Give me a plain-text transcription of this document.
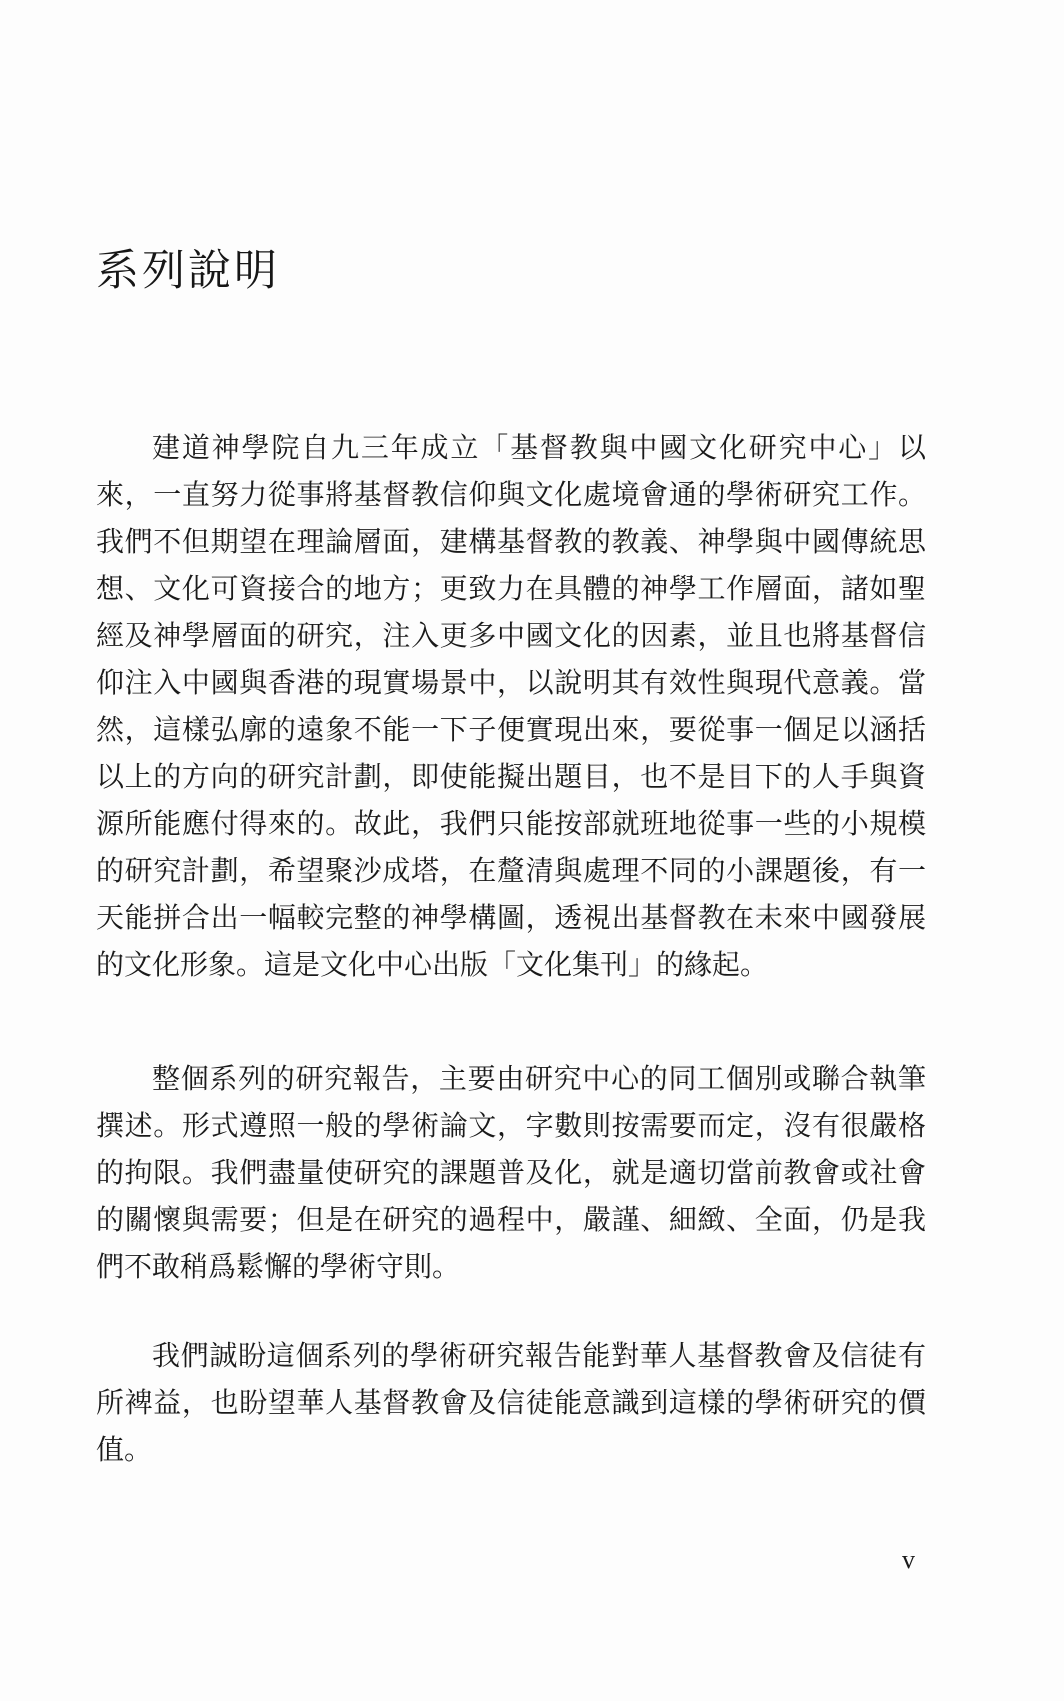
系列說明

建道神學院自九三年成立「基督教與中國文化研究中心」以來，一直努力從事將基督教信仰與文化處境會通的學術研究工作。我們不但期望在理論層面，建構基督教的教義、神學與中國傳統思想、文化可資接合的地方；更致力在具體的神學工作層面，諸如聖經及神學層面的研究，注入更多中國文化的因素，並且也將基督信仰注入中國與香港的現實場景中，以說明其有效性與現代意義。當然，這樣弘廓的遠象不能一下子便實現出來，要從事一個足以涵括以上的方向的研究計劃，即使能擬出題目，也不是目下的人手與資源所能應付得來的。故此，我們只能按部就班地從事一些的小規模的研究計劃，希望聚沙成塔，在釐清與處理不同的小課題後，有一天能拼合出一幅較完整的神學構圖，透視出基督教在未來中國發展的文化形象。這是文化中心出版「文化集刊」的緣起。

整個系列的研究報告，主要由研究中心的同工個別或聯合執筆撰述。形式遵照一般的學術論文，字數則按需要而定，沒有很嚴格的拘限。我們盡量使研究的課題普及化，就是適切當前教會或社會的關懷與需要；但是在研究的過程中，嚴謹、細緻、全面，仍是我們不敢稍爲鬆懈的學術守則。

我們誠盼這個系列的學術研究報告能對華人基督教會及信徒有所裨益，也盼望華人基督教會及信徒能意識到這樣的學術研究的價值。

v
